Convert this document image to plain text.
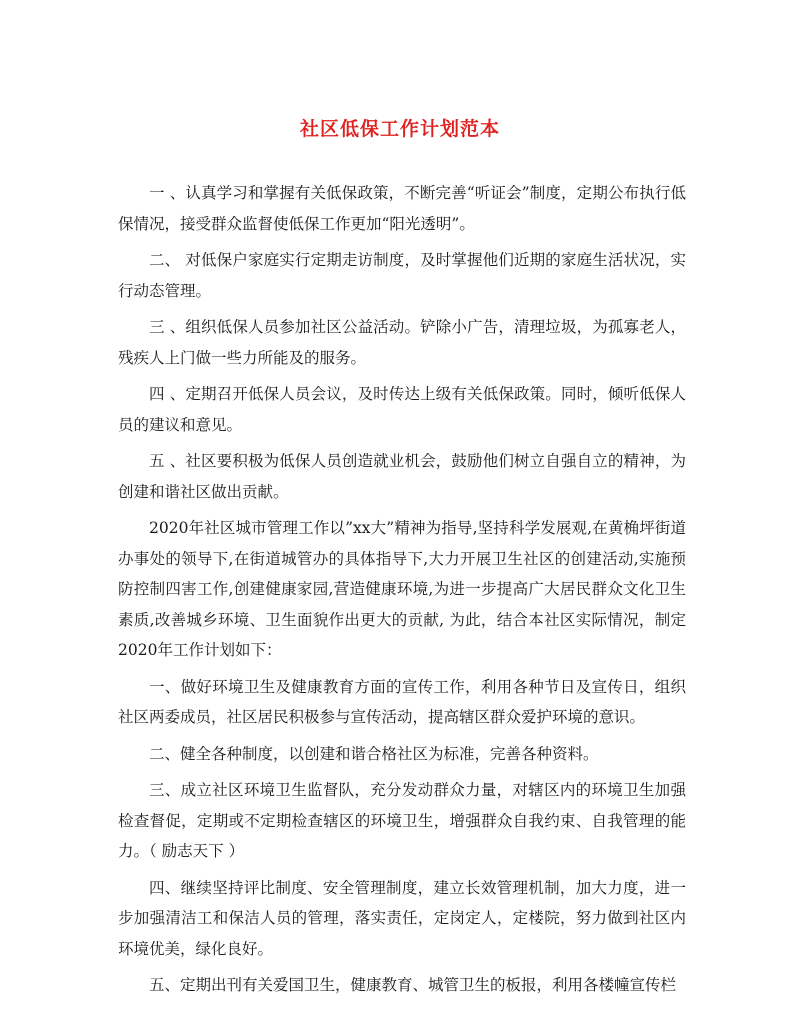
社区低保工作计划范本

一 、认真学习和掌握有关低保政策，不断完善“听证会”制度，定期公布执行低保情况，接受群众监督使低保工作更加“阳光透明”。

二、 对低保户家庭实行定期走访制度，及时掌握他们近期的家庭生活状况，实行动态管理。

三 、组织低保人员参加社区公益活动。铲除小广告，清理垃圾，为孤寡老人，残疾人上门做一些力所能及的服务。

四 、定期召开低保人员会议，及时传达上级有关低保政策。同时，倾听低保人员的建议和意见。

五 、社区要积极为低保人员创造就业机会，鼓励他们树立自强自立的精神，为创建和谐社区做出贡献。

2020年社区城市管理工作以”xx大”精神为指导,坚持科学发展观,在黄桷坪街道办事处的领导下,在街道城管办的具体指导下,大力开展卫生社区的创建活动,实施预防控制四害工作,创建健康家园,营造健康环境,为进一步提高广大居民群众文化卫生素质,改善城乡环境、卫生面貌作出更大的贡献, 为此，结合本社区实际情况，制定2020年工作计划如下：

一、做好环境卫生及健康教育方面的宣传工作，利用各种节日及宣传日，组织社区两委成员，社区居民积极参与宣传活动，提高辖区群众爱护环境的意识。

二、健全各种制度，以创建和谐合格社区为标准，完善各种资料。

三、成立社区环境卫生监督队，充分发动群众力量，对辖区内的环境卫生加强检查督促，定期或不定期检查辖区的环境卫生，增强群众自我约束、自我管理的能力。（ 励志天下 ）

四、继续坚持评比制度、安全管理制度，建立长效管理机制，加大力度，进一步加强清洁工和保洁人员的管理，落实责任，定岗定人，定楼院，努力做到社区内环境优美，绿化良好。

五、定期出刊有关爱国卫生，健康教育、城管卫生的板报，利用各楼幢宣传栏
